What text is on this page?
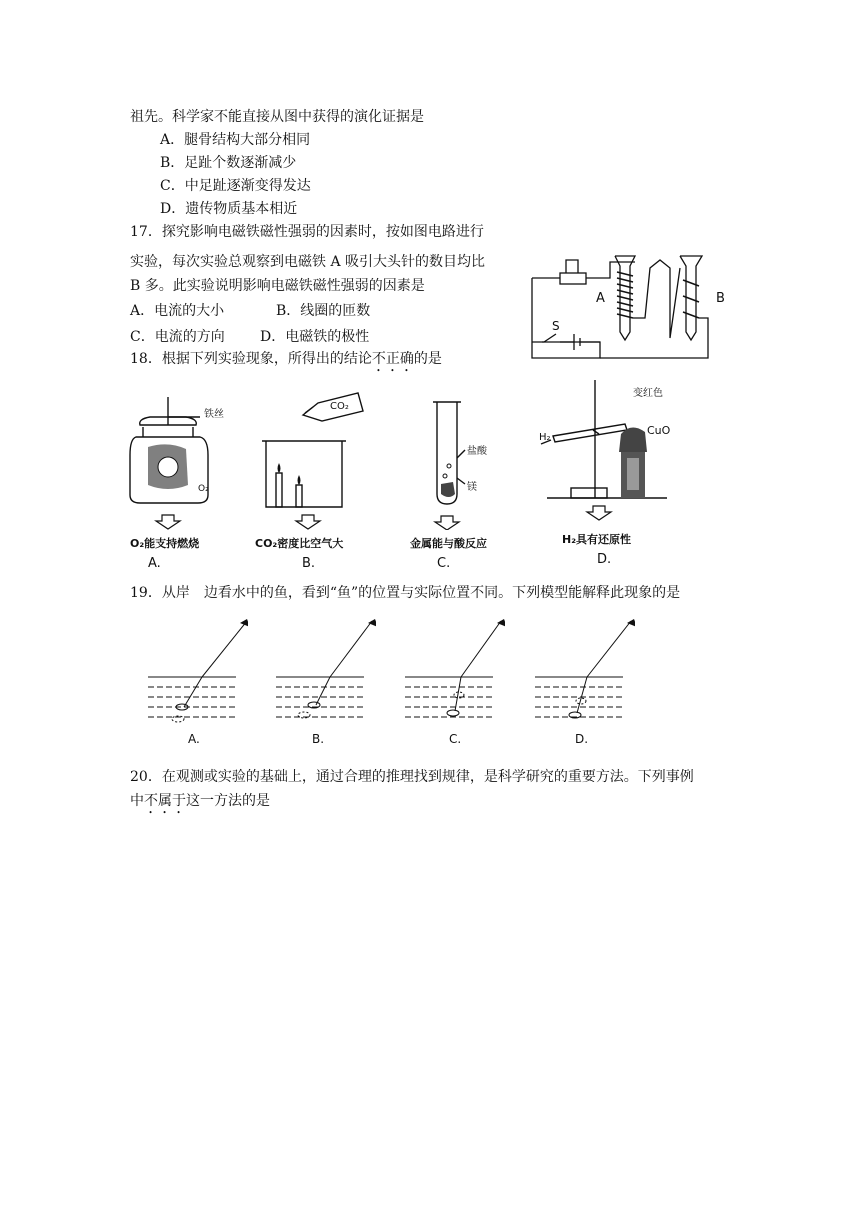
祖先。科学家不能直接从图中获得的演化证据是
A．腿骨结构大部分相同
B．足趾个数逐渐减少
C．中足趾逐渐变得发达
D．遗传物质基本相近
17．探究影响电磁铁磁性强弱的因素时，按如图电路进行
实验，每次实验总观察到电磁铁 A 吸引大头针的数目均比
B 多。此实验说明影响电磁铁磁性强弱的因素是
A．电流的大小	B．线圈的匝数
C．电流的方向	D．电磁铁的极性
A	B
S
18．根据下列实验现象，所得出的结论不正确的是
铁丝
O₂
O₂能支持燃烧
A.
CO₂
CO₂密度比空气大
B.
盐酸
镁
金属能与酸反应
C.
变红色
CuO
H₂
H₂具有还原性
D.
19．从岸　边看水中的鱼，看到“鱼”的位置与实际位置不同。下列模型能解释此现象的是
A.	B.	C.	D.
20．在观测或实验的基础上，通过合理的推理找到规律，是科学研究的重要方法。下列事例
中不属于这一方法的是
